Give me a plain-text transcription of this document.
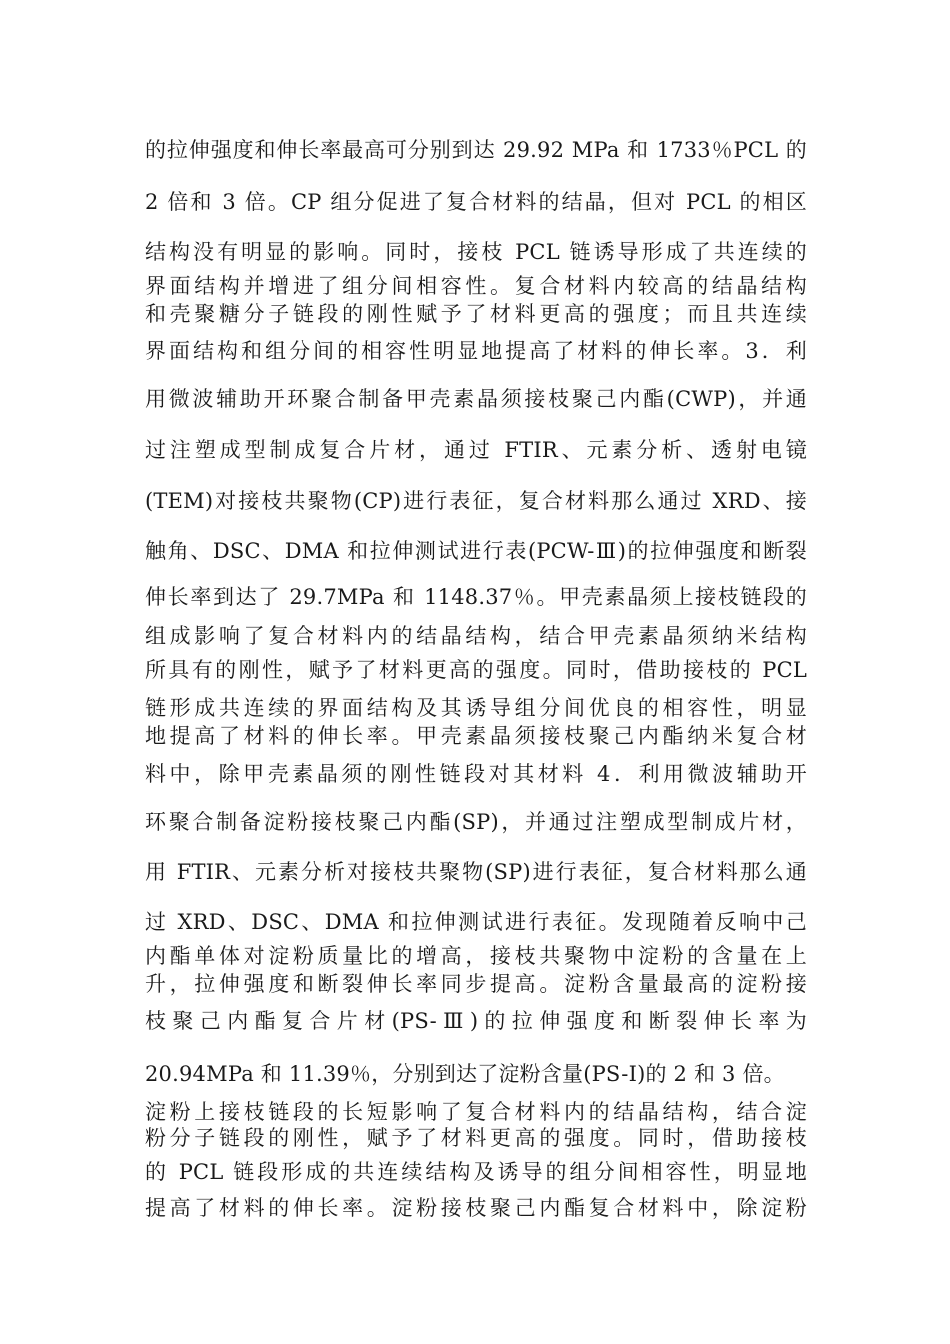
的拉伸强度和伸长率最高可分别到达 29.92 MPa 和 1733％PCL 的
2 倍和 3 倍。CP 组分促进了复合材料的结晶，但对 PCL 的相区
结构没有明显的影响。同时，接枝 PCL 链诱导形成了共连续的
界面结构并增进了组分间相容性。复合材料内较高的结晶结构
和壳聚糖分子链段的刚性赋予了材料更高的强度；而且共连续
界面结构和组分间的相容性明显地提高了材料的伸长率。3．利
用微波辅助开环聚合制备甲壳素晶须接枝聚己内酯(CWP)，并通
过注塑成型制成复合片材，通过 FTIR、元素分析、透射电镜
(TEM)对接枝共聚物(CP)进行表征，复合材料那么通过 XRD、接
触角、DSC、DMA 和拉伸测试进行表(PCW-Ⅲ)的拉伸强度和断裂
伸长率到达了 29.7MPa 和 1148.37％。甲壳素晶须上接枝链段的
组成影响了复合材料内的结晶结构，结合甲壳素晶须纳米结构
所具有的刚性，赋予了材料更高的强度。同时，借助接枝的 PCL
链形成共连续的界面结构及其诱导组分间优良的相容性，明显
地提高了材料的伸长率。甲壳素晶须接枝聚己内酯纳米复合材
料中，除甲壳素晶须的刚性链段对其材料 4．利用微波辅助开
环聚合制备淀粉接枝聚己内酯(SP)，并通过注塑成型制成片材，
用 FTIR、元素分析对接枝共聚物(SP)进行表征，复合材料那么通
过 XRD、DSC、DMA 和拉伸测试进行表征。发现随着反响中己
内酯单体对淀粉质量比的增高，接枝共聚物中淀粉的含量在上
升，拉伸强度和断裂伸长率同步提高。淀粉含量最高的淀粉接
枝聚己内酯复合片材(PS-Ⅲ)的拉伸强度和断裂伸长率为
20.94MPa 和 11.39％，分别到达了淀粉含量(PS-Ⅰ)的 2 和 3 倍。
淀粉上接枝链段的长短影响了复合材料内的结晶结构，结合淀
粉分子链段的刚性，赋予了材料更高的强度。同时，借助接枝
的 PCL 链段形成的共连续结构及诱导的组分间相容性，明显地
提高了材料的伸长率。淀粉接枝聚己内酯复合材料中，除淀粉
